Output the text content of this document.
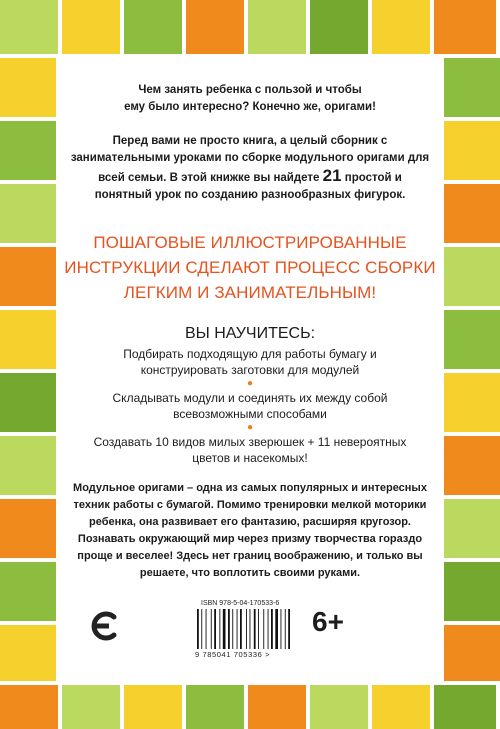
Чем занять ребенка с пользой и чтобы

ему было интересно? Конечно же, оригами!

Перед вами не просто книга, а целый сборник с

занимательными уроками по сборке модульного оригами для

всей семьи. В этой книжке вы найдете 21 простой и

понятный урок по созданию разнообразных фигурок.

ПОШАГОВЫЕ ИЛЛЮСТРИРОВАННЫЕ
ИНСТРУКЦИИ СДЕЛАЮТ ПРОЦЕСС СБОРКИ
ЛЕГКИМ И ЗАНИМАТЕЛЬНЫМ!
ВЫ НАУЧИТЕСЬ:

Подбирать подходящую для работы бумагу и
конструировать заготовки для модулей

●

Складывать модули и соединять их между собой
всевозможными способами

●

Создавать 10 видов милых зверюшек + 11 невероятных
цветов и насекомых!

Модульное оригами – одна из самых популярных и интересных

техник работы с бумагой. Помимо тренировки мелкой моторики

ребенка, она развивает его фантазию, расширяя кругозор.

Познавать окружающий мир через призму творчества гораздо

проще и веселее! Здесь нет границ воображению, и только вы

решаете, что воплотить своими руками.

ISBN 978-5-04-170533-6
9 785041 705336 >
6+
